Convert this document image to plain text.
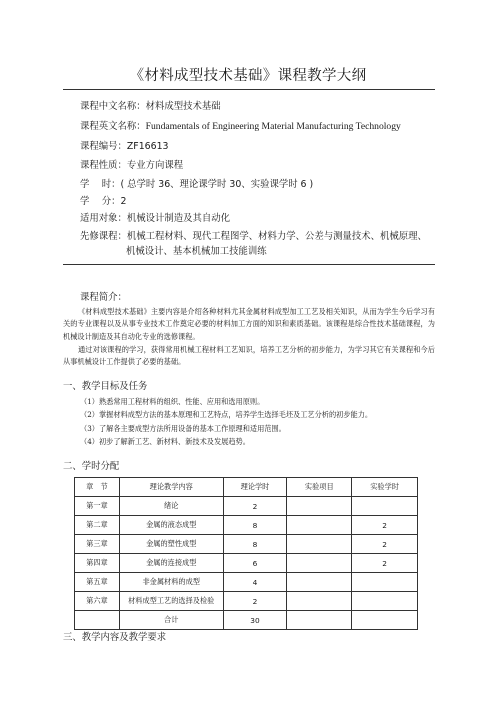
《材料成型技术基础》课程教学大纲
课程中文名称：材料成型技术基础
课程英文名称：Fundamentals of Engineering Material Manufacturing Technology
课程编号：ZF16613
课程性质：专业方向课程
学　 时：( 总学时 36、理论课学时 30、实验课学时 6 )
学　 分：2
适用对象：机械设计制造及其自动化
先修课程：机械工程材料、现代工程图学、材料力学、公差与测量技术、机械原理、
机械设计、基本机械加工技能训练
课程简介：
《材料成型技术基础》主要内容是介绍各种材料尤其金属材料成型加工工艺及相关知识，从而为学生今后学习有关的专业课程以及从事专业技术工作奠定必要的材料加工方面的知识和素质基础。该课程是综合性技术基础课程，为机械设计制造及其自动化专业的选修课程。
通过对该课程的学习，获得常用机械工程材料工艺知识，培养工艺分析的初步能力，为学习其它有关课程和今后从事机械设计工作提供了必要的基础。
一、教学目标及任务
（1）熟悉常用工程材料的组织、性能、应用和选用原则。
（2）掌握材料成型方法的基本原理和工艺特点，培养学生选择毛坯及工艺分析的初步能力。
（3）了解各主要成型方法所用设备的基本工作原理和适用范围。
（4）初步了解新工艺、新材料、新技术及发展趋势。
二、学时分配
章　节	理论教学内容	理论学时	实验项目	实验学时
第一章	绪论	2		
第二章	金属的液态成型	8		2
第三章	金属的塑性成型	8		2
第四章	金属的连接成型	6		2
第五章	非金属材料的成型	4		
第六章	材料成型工艺的选择及检验	2		
	合计	30		
三、教学内容及教学要求
